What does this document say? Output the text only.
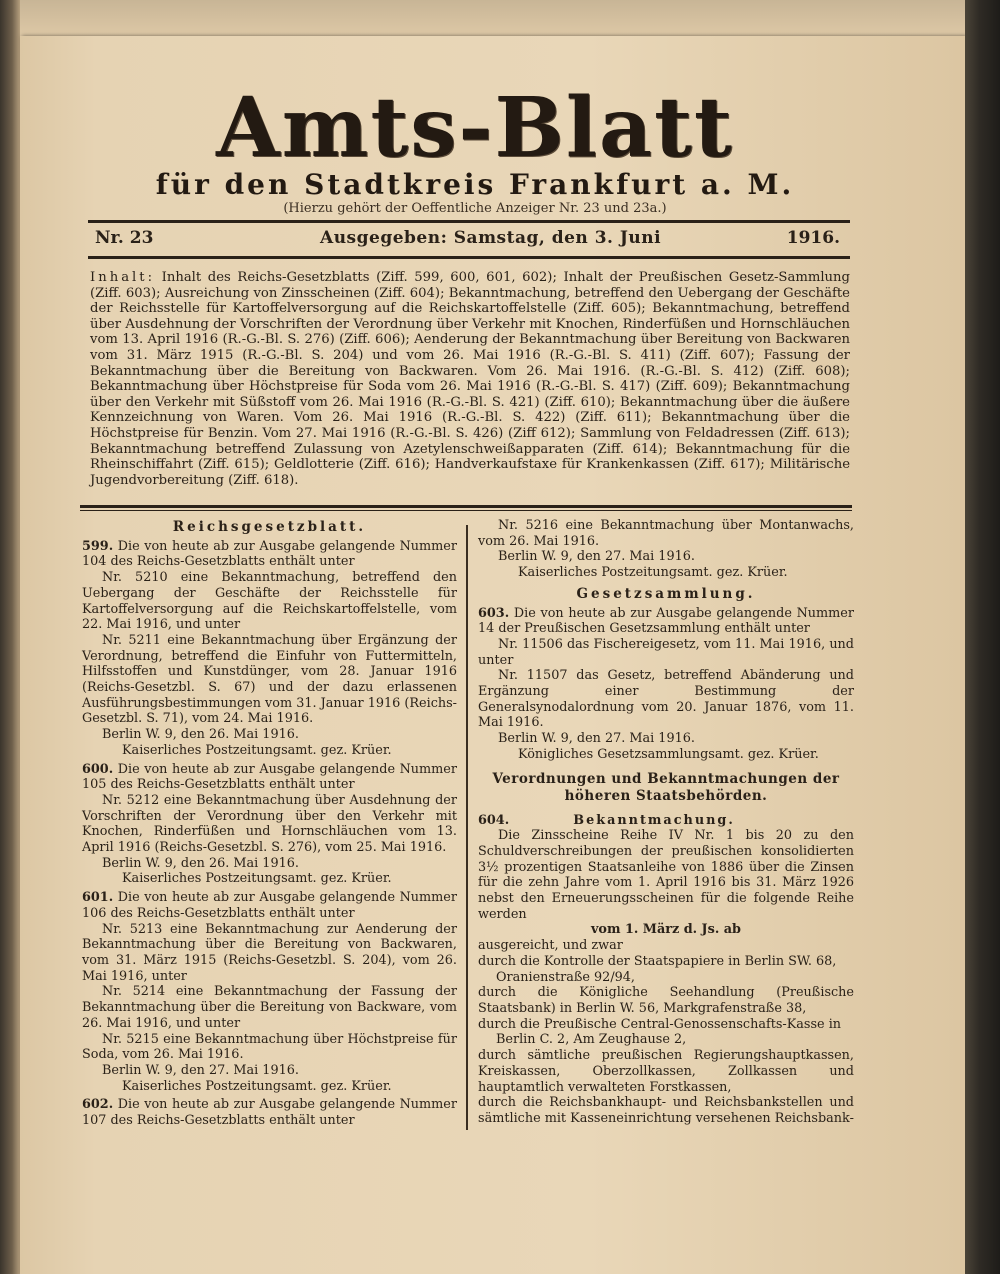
Amts-Blatt
für den Stadtkreis Frankfurt a. M.
(Hierzu gehört der Oeffentliche Anzeiger Nr. 23 und 23a.)
Nr. 23	Ausgegeben: Samstag, den 3. Juni	1916.
Inhalt: Inhalt des Reichs-Gesetzblatts (Ziff. 599, 600, 601, 602); Inhalt der Preußischen Gesetz-Sammlung (Ziff. 603); Ausreichung von Zinsscheinen (Ziff. 604); Bekanntmachung, betreffend den Uebergang der Geschäfte der Reichsstelle für Kartoffelversorgung auf die Reichskartoffelstelle (Ziff. 605); Bekanntmachung, betreffend über Ausdehnung der Vorschriften der Verordnung über Verkehr mit Knochen, Rinderfüßen und Hornschläuchen vom 13. April 1916 (R.-G.-Bl. S. 276) (Ziff. 606); Aenderung der Bekanntmachung über Bereitung von Backwaren vom 31. März 1915 (R.-G.-Bl. S. 204) und vom 26. Mai 1916 (R.-G.-Bl. S. 411) (Ziff. 607); Fassung der Bekanntmachung über die Bereitung von Backwaren. Vom 26. Mai 1916. (R.-G.-Bl. S. 412) (Ziff. 608); Bekanntmachung über Höchstpreise für Soda vom 26. Mai 1916 (R.-G.-Bl. S. 417) (Ziff. 609); Bekanntmachung über den Verkehr mit Süßstoff vom 26. Mai 1916 (R.-G.-Bl. S. 421) (Ziff. 610); Bekanntmachung über die äußere Kennzeichnung von Waren. Vom 26. Mai 1916 (R.-G.-Bl. S. 422) (Ziff. 611); Bekanntmachung über die Höchstpreise für Benzin. Vom 27. Mai 1916 (R.-G.-Bl. S. 426) (Ziff 612); Sammlung von Feldadressen (Ziff. 613); Bekanntmachung betreffend Zulassung von Azetylenschweißapparaten (Ziff. 614); Bekanntmachung für die Rheinschiffahrt (Ziff. 615); Geldlotterie (Ziff. 616); Handverkaufstaxe für Krankenkassen (Ziff. 617); Militärische Jugendvorbereitung (Ziff. 618).
Reichsgesetzblatt.

599. Die von heute ab zur Ausgabe gelangende Nummer 104 des Reichs-Gesetzblatts enthält unter

Nr. 5210 eine Bekanntmachung, betreffend den Uebergang der Geschäfte der Reichsstelle für Kartoffelversorgung auf die Reichskartoffelstelle, vom 22. Mai 1916, und unter

Nr. 5211 eine Bekanntmachung über Ergänzung der Verordnung, betreffend die Einfuhr von Futtermitteln, Hilfsstoffen und Kunstdünger, vom 28. Januar 1916 (Reichs-Gesetzbl. S. 67) und der dazu erlassenen Ausführungsbestimmungen vom 31. Januar 1916 (Reichs-Gesetzbl. S. 71), vom 24. Mai 1916.

Berlin W. 9, den 26. Mai 1916.

Kaiserliches Postzeitungsamt. gez. Krüer.

600. Die von heute ab zur Ausgabe gelangende Nummer 105 des Reichs-Gesetzblatts enthält unter

Nr. 5212 eine Bekanntmachung über Ausdehnung der Vorschriften der Verordnung über den Verkehr mit Knochen, Rinderfüßen und Hornschläuchen vom 13. April 1916 (Reichs-Gesetzbl. S. 276), vom 25. Mai 1916.

Berlin W. 9, den 26. Mai 1916.

Kaiserliches Postzeitungsamt. gez. Krüer.

601. Die von heute ab zur Ausgabe gelangende Nummer 106 des Reichs-Gesetzblatts enthält unter

Nr. 5213 eine Bekanntmachung zur Aenderung der Bekanntmachung über die Bereitung von Backwaren, vom 31. März 1915 (Reichs-Gesetzbl. S. 204), vom 26. Mai 1916, unter

Nr. 5214 eine Bekanntmachung der Fassung der Bekanntmachung über die Bereitung von Backware, vom 26. Mai 1916, und unter

Nr. 5215 eine Bekanntmachung über Höchstpreise für Soda, vom 26. Mai 1916.

Berlin W. 9, den 27. Mai 1916.

Kaiserliches Postzeitungsamt. gez. Krüer.

602. Die von heute ab zur Ausgabe gelangende Nummer 107 des Reichs-Gesetzblatts enthält unter

Nr. 5216 eine Bekanntmachung über Montanwachs, vom 26. Mai 1916.

Berlin W. 9, den 27. Mai 1916.

Kaiserliches Postzeitungsamt. gez. Krüer.

Gesetzsammlung.

603. Die von heute ab zur Ausgabe gelangende Nummer 14 der Preußischen Gesetzsammlung enthält unter

Nr. 11506 das Fischereigesetz, vom 11. Mai 1916, und unter

Nr. 11507 das Gesetz, betreffend Abänderung und Ergänzung einer Bestimmung der Generalsynodalordnung vom 20. Januar 1876, vom 11. Mai 1916.

Berlin W. 9, den 27. Mai 1916.

Königliches Gesetzsammlungsamt. gez. Krüer.

Verordnungen und Bekanntmachungen der höheren Staatsbehörden.

604.	Bekanntmachung.

Die Zinsscheine Reihe IV Nr. 1 bis 20 zu den Schuldverschreibungen der preußischen konsolidierten 3½ prozentigen Staatsanleihe von 1886 über die Zinsen für die zehn Jahre vom 1. April 1916 bis 31. März 1926 nebst den Erneuerungsscheinen für die folgende Reihe werden

vom 1. März d. Js. ab

ausgereicht, und zwar

durch die Kontrolle der Staatspapiere in Berlin SW. 68,

Oranienstraße 92/94,

durch die Königliche Seehandlung (Preußische Staatsbank) in Berlin W. 56, Markgrafenstraße 38,

durch die Preußische Central-Genossenschafts-Kasse in

Berlin C. 2, Am Zeughause 2,

durch sämtliche preußischen Regierungshauptkassen, Kreiskassen, Oberzollkassen, Zollkassen und hauptamtlich verwalteten Forstkassen,

durch die Reichsbankhaupt- und Reichsbankstellen und sämtliche mit Kasseneinrichtung versehenen Reichsbank-
